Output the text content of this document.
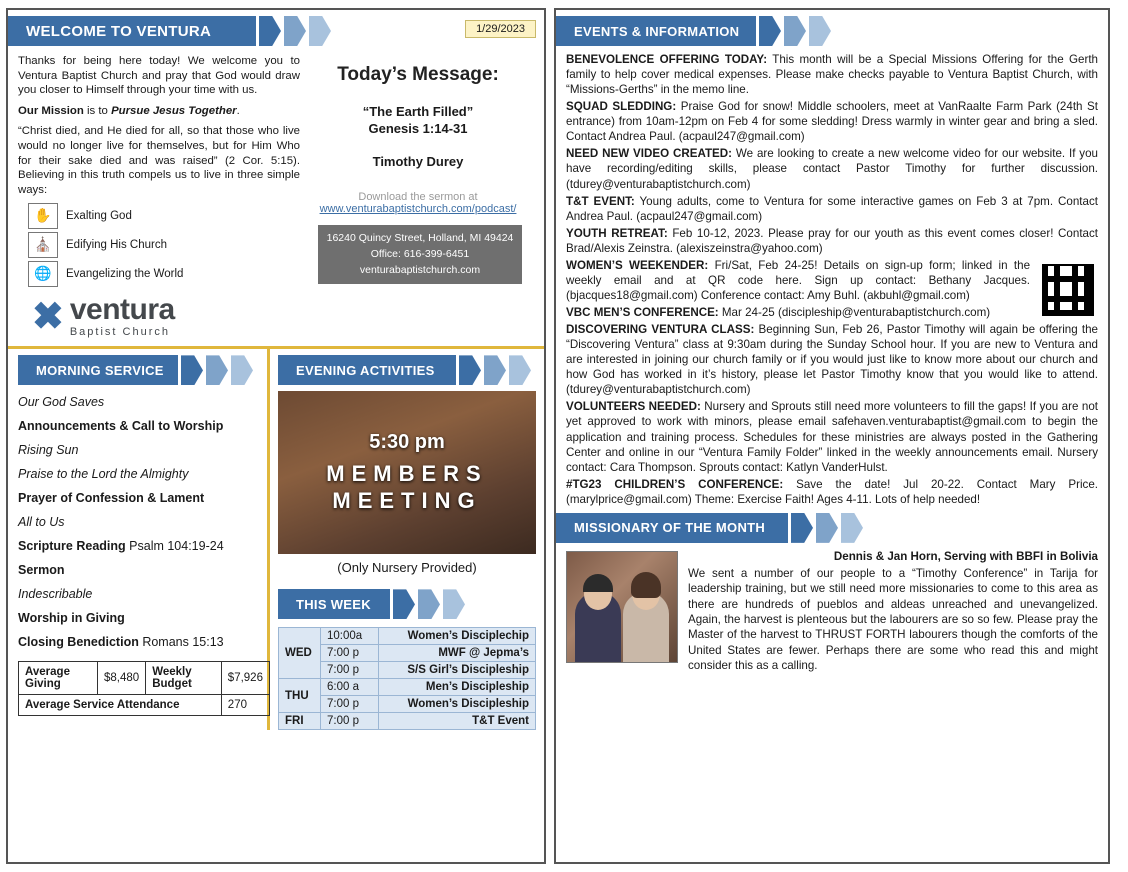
WELCOME TO VENTURA	1/29/2023

Thanks for being here today! We welcome you to Ventura Baptist Church and pray that God would draw you closer to Himself through your time with us.

Our Mission is to Pursue Jesus Together.

“Christ died, and He died for all, so that those who live would no longer live for themselves, but for Him Who for their sake died and was raised” (2 Cor. 5:15). Believing in this truth compels us to live in three simple ways:

✋	Exalting God
⛪	Edifying His Church
🌐	Evangelizing the World
✖ ventura
Baptist Church
Today’s Message:
“The Earth Filled”
Genesis 1:14-31
Timothy Durey
Download the sermon at
www.venturabaptistchurch.com/podcast/
16240 Quincy Street, Holland, MI 49424
Office: 616-399-6451 venturabaptistchurch.com
MORNING SERVICE
Our God Saves
Announcements & Call to Worship
Rising Sun
Praise to the Lord the Almighty
Prayer of Confession & Lament
All to Us
Scripture Reading Psalm 104:19-24
Sermon
Indescribable
Worship in Giving
Closing Benediction Romans 15:13
Average Giving	$8,480	Weekly Budget	$7,926
Average Service Attendance			270
EVENING ACTIVITIES
5:30 pm
MEMBERS
MEETING
(Only Nursery Provided)
THIS WEEK
WED	10:00a	Women’s Disciplechip
	7:00 p	MWF @ Jepma’s
	7:00 p	S/S Girl’s Discipleship
THU	6:00 a	Men’s Discipleship
	7:00 p	Women’s Discipleship
FRI	7:00 p	T&T Event
EVENTS & INFORMATION

BENEVOLENCE OFFERING TODAY: This month will be a Special Missions Offering for the Gerth family to help cover medical expenses. Please make checks payable to Ventura Baptist Church, with “Missions-Gerths” in the memo line.

SQUAD SLEDDING: Praise God for snow! Middle schoolers, meet at VanRaalte Farm Park (24th St entrance) from 10am-12pm on Feb 4 for some sledding! Dress warmly in winter gear and bring a sled. Contact Andrea Paul. (acpaul247@gmail.com)

NEED NEW VIDEO CREATED: We are looking to create a new welcome video for our website. If you have recording/editing skills, please contact Pastor Timothy for further discussion. (tdurey@venturabaptistchurch.com)

T&T EVENT: Young adults, come to Ventura for some interactive games on Feb 3 at 7pm. Contact Andrea Paul. (acpaul247@gmail.com)

YOUTH RETREAT: Feb 10-12, 2023. Please pray for our youth as this event comes closer! Contact Brad/Alexis Zeinstra. (alexiszeinstra@yahoo.com)

WOMEN’S WEEKENDER: Fri/Sat, Feb 24-25! Details on sign-up form; linked in the weekly email and at QR code here. Sign up contact: Bethany Jacques. (bjacques18@gmail.com) Conference contact: Amy Buhl. (akbuhl@gmail.com)

VBC MEN’S CONFERENCE: Mar 24-25 (discipleship@venturabaptistchurch.com)

DISCOVERING VENTURA CLASS: Beginning Sun, Feb 26, Pastor Timothy will again be offering the “Discovering Ventura” class at 9:30am during the Sunday School hour. If you are new to Ventura and are interested in joining our church family or if you would just like to know more about our church and how God has worked in it’s history, please let Pastor Timothy know that you would like to attend. (tdurey@venturabaptistchurch.com)

VOLUNTEERS NEEDED: Nursery and Sprouts still need more volunteers to fill the gaps! If you are not yet approved to work with minors, please email safehaven.venturabaptist@gmail.com to begin the application and training process. Schedules for these ministries are always posted in the Gathering Center and online in our “Ventura Family Folder” linked in the weekly announcements email. Nursery contact: Cara Thompson. Sprouts contact: Katlyn VanderHulst.

#TG23 CHILDREN’S CONFERENCE: Save the date! Jul 20-22. Contact Mary Price. (marylprice@gmail.com) Theme: Exercise Faith! Ages 4-11. Lots of help needed!

MISSIONARY OF THE MONTH
Dennis & Jan Horn, Serving with BBFI in Bolivia
We sent a number of our people to a “Timothy Conference” in Tarija for leadership training, but we still need more missionaries to come to this area as there are hundreds of pueblos and aldeas unreached and unevangelized. Again, the harvest is plenteous but the labourers are so so few. Please pray the Master of the harvest to THRUST FORTH labourers though the comforts of the United States are fewer. Perhaps there are some who read this and might consider this as a calling.
